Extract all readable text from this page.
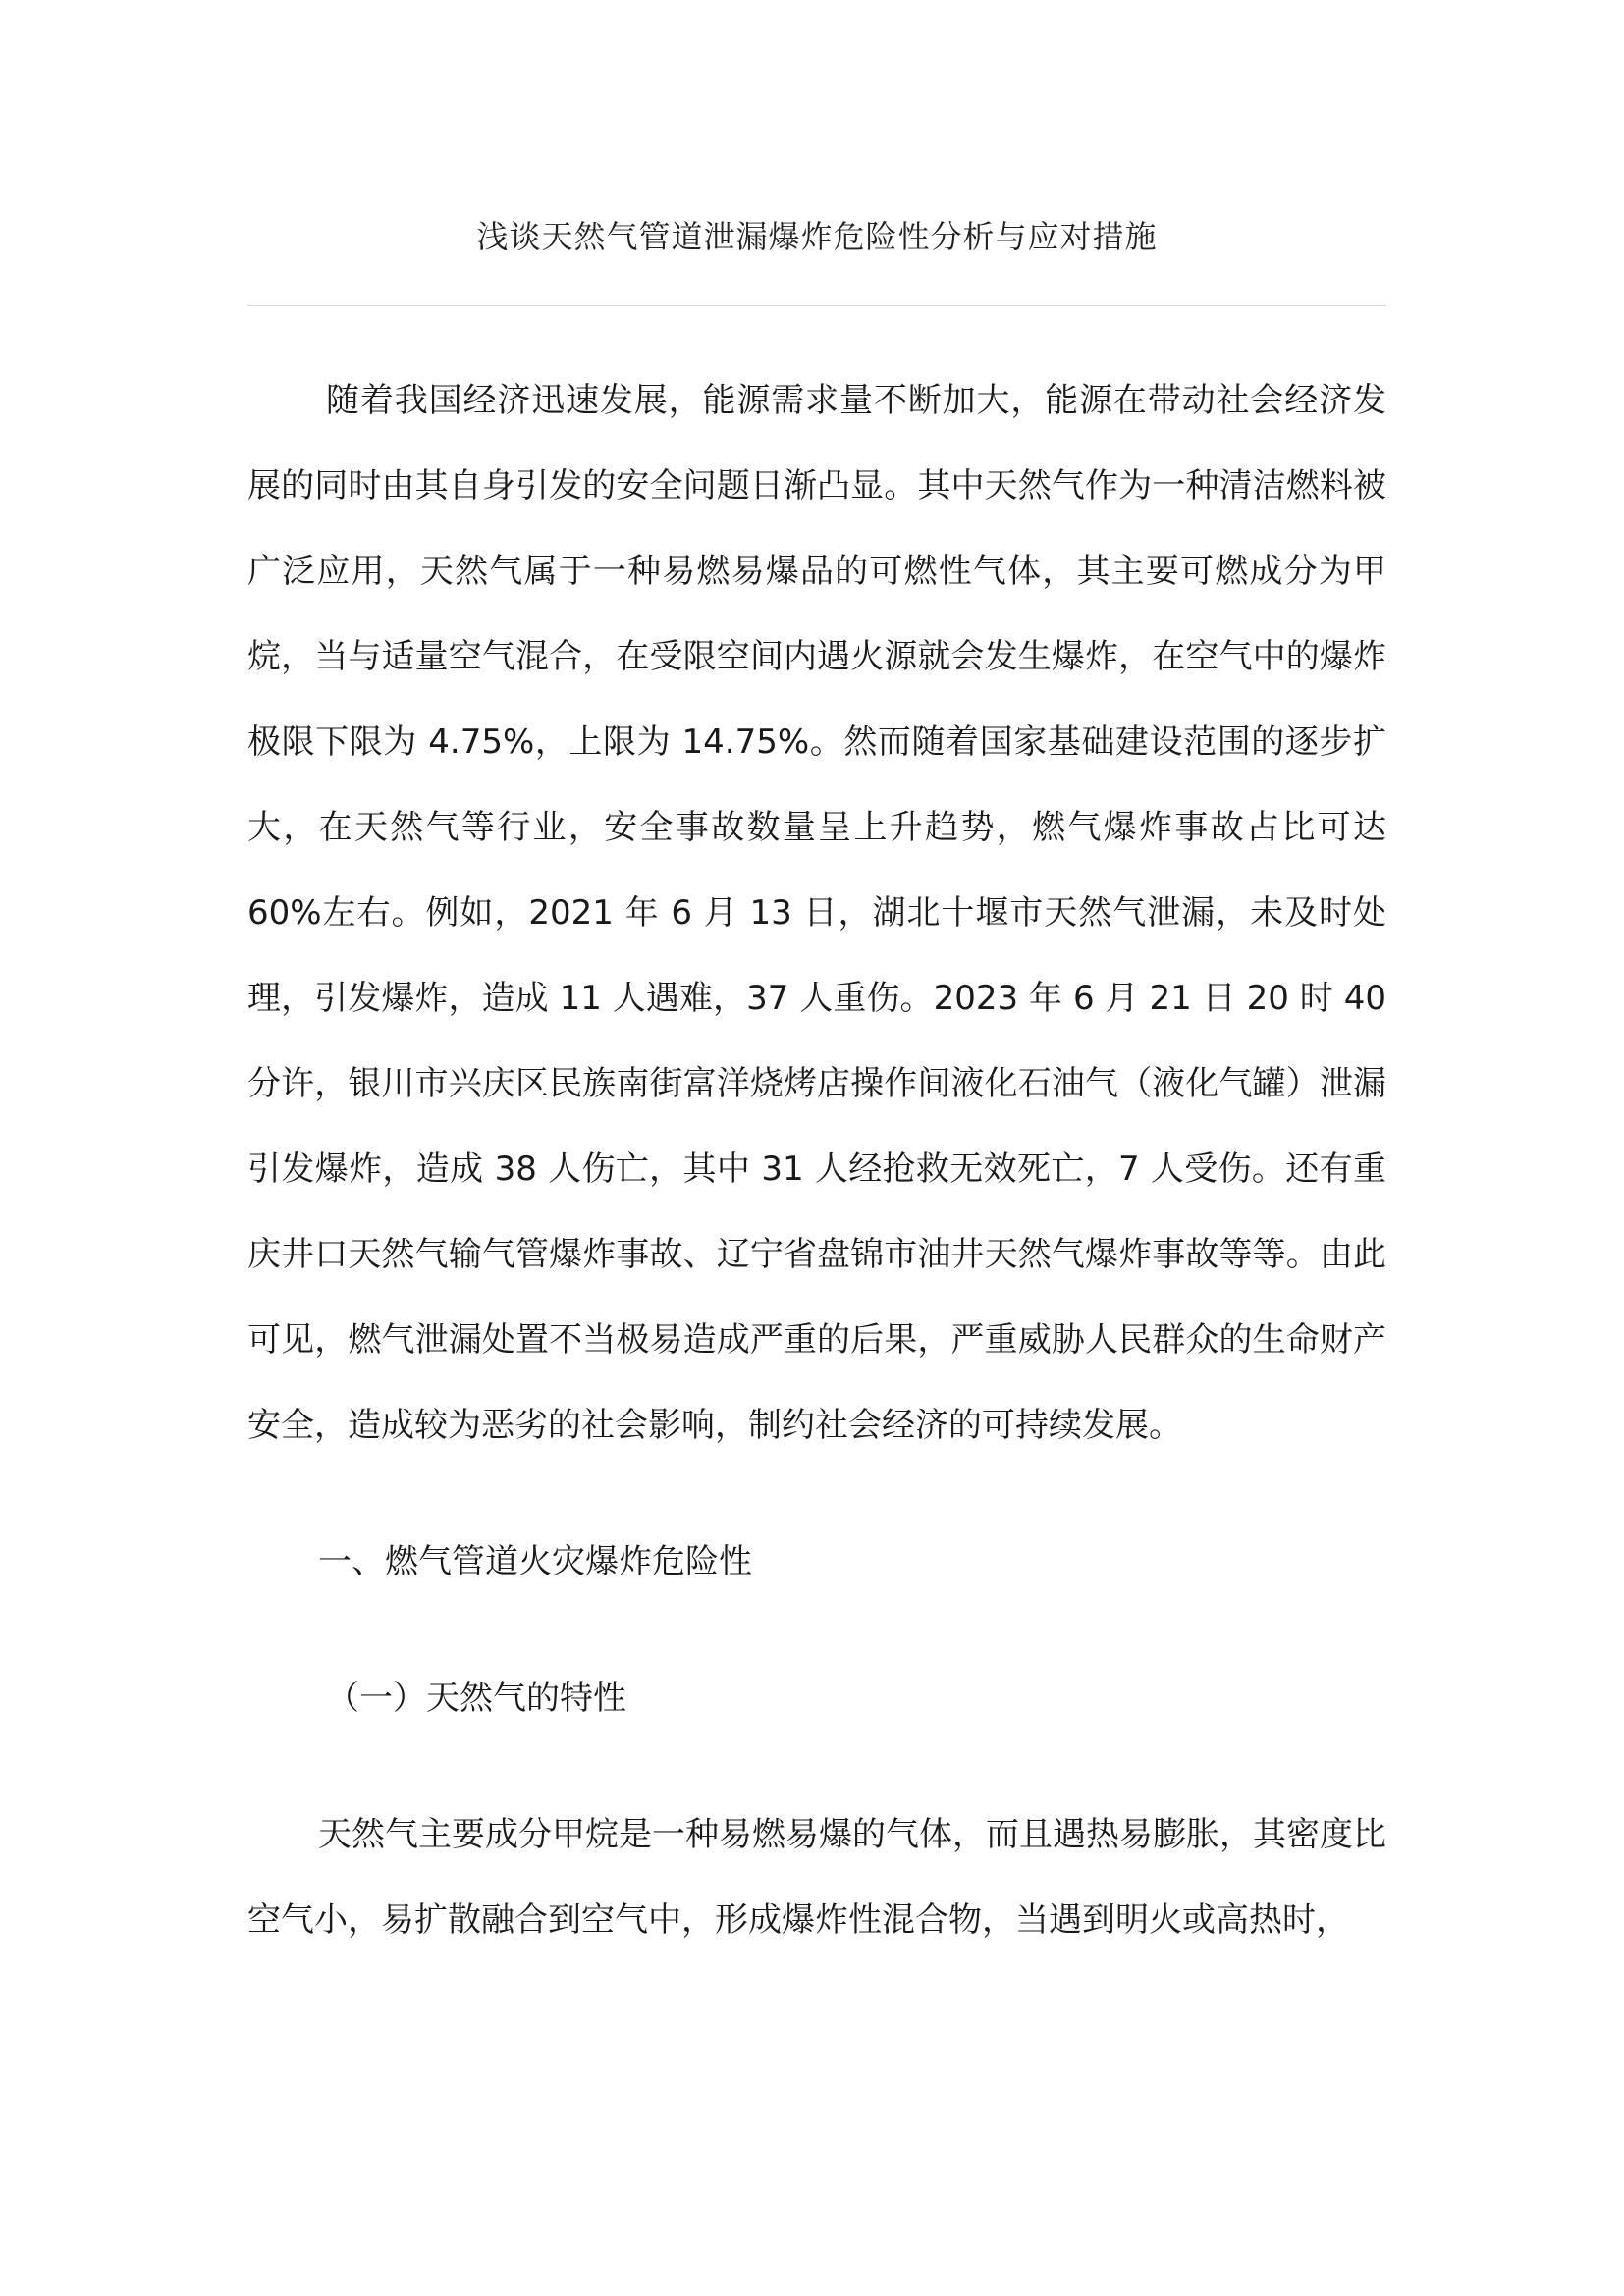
浅谈天然气管道泄漏爆炸危险性分析与应对措施

随着我国经济迅速发展，能源需求量不断加大，能源在带动社会经济发展的同时由其自身引发的安全问题日渐凸显。其中天然气作为一种清洁燃料被广泛应用，天然气属于一种易燃易爆品的可燃性气体，其主要可燃成分为甲烷，当与适量空气混合，在受限空间内遇火源就会发生爆炸，在空气中的爆炸极限下限为 4.75%，上限为 14.75%。然而随着国家基础建设范围的逐步扩大，在天然气等行业，安全事故数量呈上升趋势，燃气爆炸事故占比可达 60%左右。例如，2021 年 6 月 13 日，湖北十堰市天然气泄漏，未及时处理，引发爆炸，造成 11 人遇难，37 人重伤。2023 年 6 月 21 日 20 时 40 分许，银川市兴庆区民族南街富洋烧烤店操作间液化石油气（液化气罐）泄漏引发爆炸，造成 38 人伤亡，其中 31 人经抢救无效死亡，7 人受伤。还有重庆井口天然气输气管爆炸事故、辽宁省盘锦市油井天然气爆炸事故等等。由此可见，燃气泄漏处置不当极易造成严重的后果，严重威胁人民群众的生命财产安全，造成较为恶劣的社会影响，制约社会经济的可持续发展。

一、燃气管道火灾爆炸危险性

（一）天然气的特性

天然气主要成分甲烷是一种易燃易爆的气体，而且遇热易膨胀，其密度比空气小，易扩散融合到空气中，形成爆炸性混合物，当遇到明火或高热时，
